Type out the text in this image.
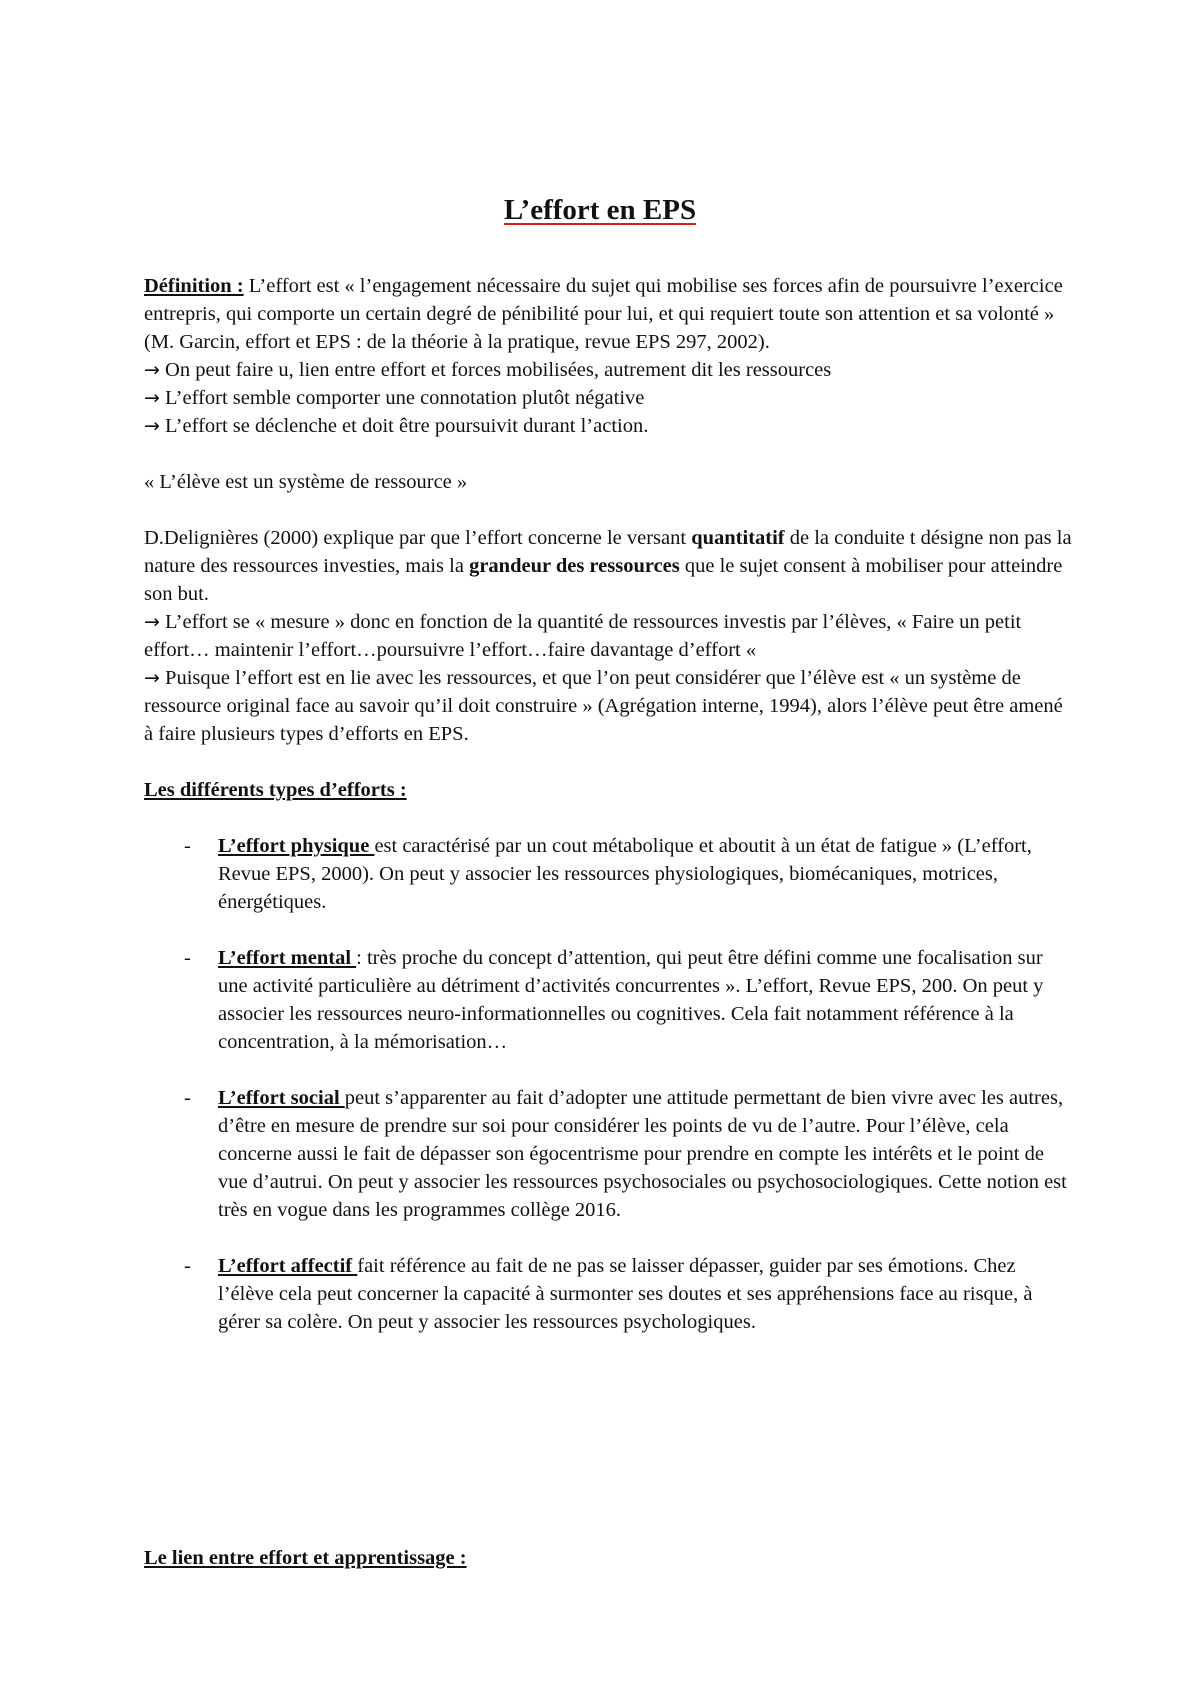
L’effort en EPS

Définition : L’effort est « l’engagement nécessaire du sujet qui mobilise ses forces afin de poursuivre l’exercice entrepris, qui comporte un certain degré de pénibilité pour lui, et qui requiert toute son attention et sa volonté » (M. Garcin, effort et EPS : de la théorie à la pratique, revue EPS 297, 2002).

→ On peut faire u, lien entre effort et forces mobilisées, autrement dit les ressources

→ L’effort semble comporter une connotation plutôt négative

→ L’effort se déclenche et doit être poursuivit durant l’action.

« L’élève est un système de ressource »

D.Delignières (2000) explique par que l’effort concerne le versant quantitatif de la conduite t désigne non pas la nature des ressources investies, mais la grandeur des ressources que le sujet consent à mobiliser pour atteindre son but.

→ L’effort se « mesure » donc en fonction de la quantité de ressources investis par l’élèves, « Faire un petit effort… maintenir l’effort…poursuivre l’effort…faire davantage d’effort «

→ Puisque l’effort est en lie avec les ressources, et que l’on peut considérer que l’élève est « un système de ressource original face au savoir qu’il doit construire » (Agrégation interne, 1994), alors l’élève peut être amené à faire plusieurs types d’efforts en EPS.

Les différents types d’efforts :

- L’effort physique est caractérisé par un cout métabolique et aboutit à un état de fatigue » (L’effort, Revue EPS, 2000). On peut y associer les ressources physiologiques, biomécaniques, motrices, énergétiques.
- L’effort mental : très proche du concept d’attention, qui peut être défini comme une focalisation sur une activité particulière au détriment d’activités concurrentes ». L’effort, Revue EPS, 200. On peut y associer les ressources neuro-informationnelles ou cognitives. Cela fait notamment référence à la concentration, à la mémorisation…
- L’effort social peut s’apparenter au fait d’adopter une attitude permettant de bien vivre avec les autres, d’être en mesure de prendre sur soi pour considérer les points de vu de l’autre. Pour l’élève, cela concerne aussi le fait de dépasser son égocentrisme pour prendre en compte les intérêts et le point de vue d’autrui. On peut y associer les ressources psychosociales ou psychosociologiques. Cette notion est très en vogue dans les programmes collège 2016.
- L’effort affectif fait référence au fait de ne pas se laisser dépasser, guider par ses émotions. Chez l’élève cela peut concerner la capacité à surmonter ses doutes et ses appréhensions face au risque, à gérer sa colère. On peut y associer les ressources psychologiques.

Le lien entre effort et apprentissage :
